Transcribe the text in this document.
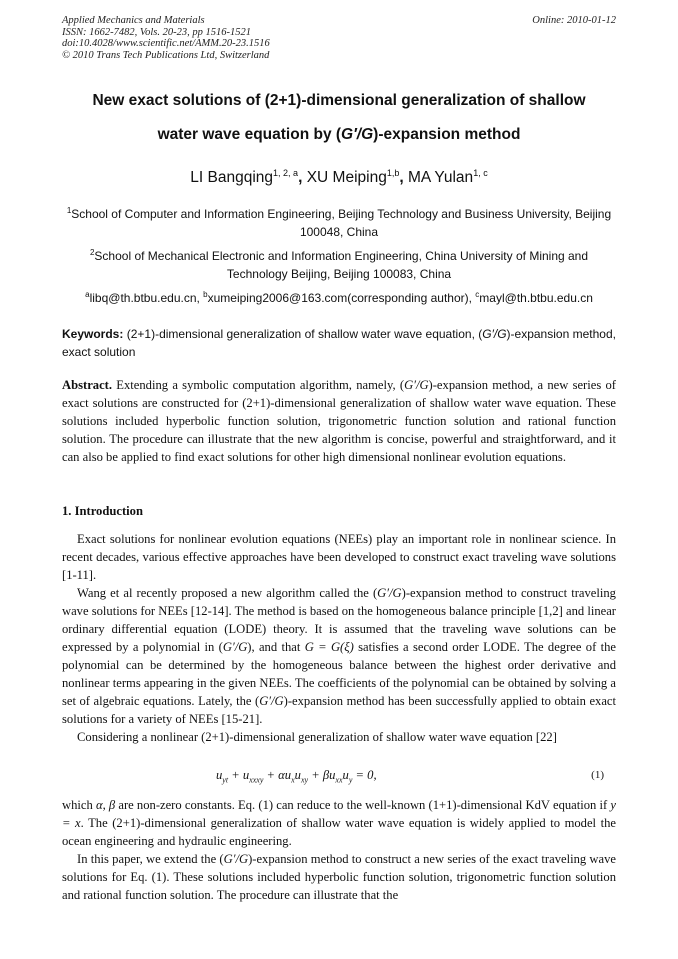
Applied Mechanics and Materials
ISSN: 1662-7482, Vols. 20-23, pp 1516-1521
doi:10.4028/www.scientific.net/AMM.20-23.1516
© 2010 Trans Tech Publications Ltd, Switzerland
Online: 2010-01-12
New exact solutions of (2+1)-dimensional generalization of shallow
water wave equation by (G′/G)-expansion method
LI Bangqing$^{1, 2, a}$, XU Meiping$^{1,b}$, MA Yulan$^{1, c}$
$^1$School of Computer and Information Engineering, Beijing Technology and Business University, Beijing 100048, China
$^2$School of Mechanical Electronic and Information Engineering, China University of Mining and Technology Beijing, Beijing 100083, China
$^a$libq@th.btbu.edu.cn, $^b$xumeiping2006@163.com(corresponding author), $^c$mayl@th.btbu.edu.cn
Keywords: (2+1)-dimensional generalization of shallow water wave equation, (G′/G)-expansion method, exact solution
Abstract. Extending a symbolic computation algorithm, namely, (G′/G)-expansion method, a new series of exact solutions are constructed for (2+1)-dimensional generalization of shallow water wave equation. These solutions included hyperbolic function solution, trigonometric function solution and rational function solution. The procedure can illustrate that the new algorithm is concise, powerful and straightforward, and it can also be applied to find exact solutions for other high dimensional nonlinear evolution equations.
1. Introduction

Exact solutions for nonlinear evolution equations (NEEs) play an important role in nonlinear science. In recent decades, various effective approaches have been developed to construct exact traveling wave solutions [1-11].

Wang et al recently proposed a new algorithm called the (G′/G)-expansion method to construct traveling wave solutions for NEEs [12-14]. The method is based on the homogeneous balance principle [1,2] and linear ordinary differential equation (LODE) theory. It is assumed that the traveling wave solutions can be expressed by a polynomial in (G′/G), and that G = G(ξ) satisfies a second order LODE. The degree of the polynomial can be determined by the homogeneous balance between the highest order derivative and nonlinear terms appearing in the given NEEs. The coefficients of the polynomial can be obtained by solving a set of algebraic equations. Lately, the (G′/G)-expansion method has been successfully applied to obtain exact solutions for a variety of NEEs [15-21].

Considering a nonlinear (2+1)-dimensional generalization of shallow water wave equation [22]

$u_{yt} + u_{xxxy} + \alpha u_xu_{xy} + \beta u_{xx}u_y = 0$,	(1)

which α, β are non-zero constants. Eq. (1) can reduce to the well-known (1+1)-dimensional KdV equation if y = x. The (2+1)-dimensional generalization of shallow water wave equation is widely applied to model the ocean engineering and hydraulic engineering.

In this paper, we extend the (G′/G)-expansion method to construct a new series of the exact traveling wave solutions for Eq. (1). These solutions included hyperbolic function solution, trigonometric function solution and rational function solution. The procedure can illustrate that the
